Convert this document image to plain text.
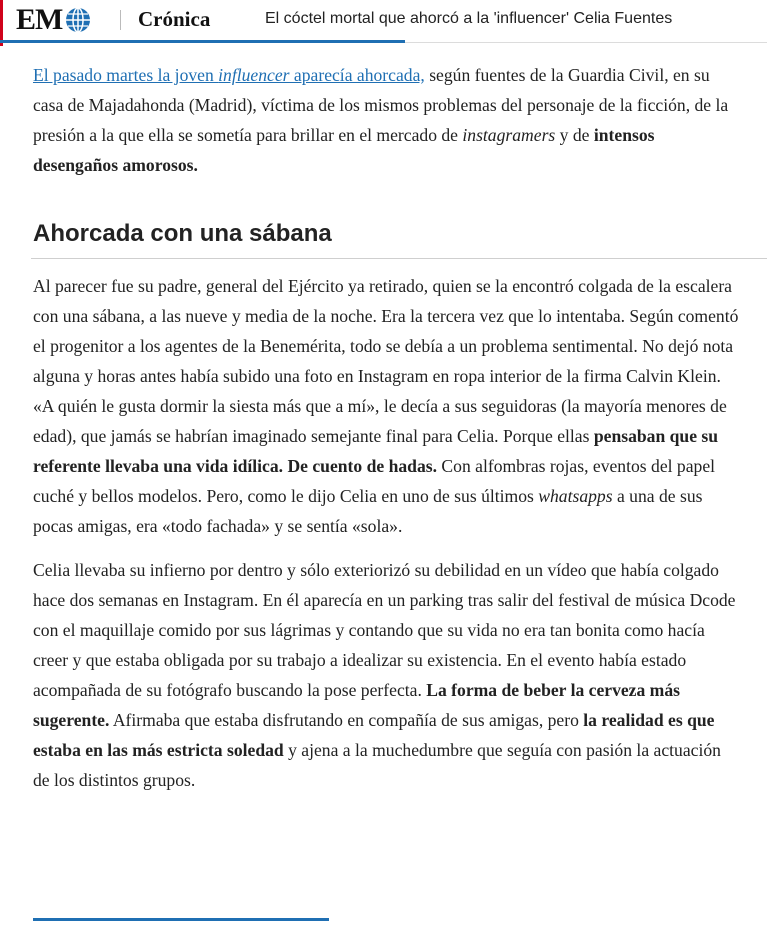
EM	Crónica	El cóctel mortal que ahorcó a la 'influencer' Celia Fuentes

El pasado martes la joven influencer aparecía ahorcada, según fuentes de la Guardia Civil, en su casa de Majadahonda (Madrid), víctima de los mismos problemas del personaje de la ficción, de la presión a la que ella se sometía para brillar en el mercado de instagramers y de intensos desengaños amorosos.

Ahorcada con una sábana

Al parecer fue su padre, general del Ejército ya retirado, quien se la encontró colgada de la escalera con una sábana, a las nueve y media de la noche. Era la tercera vez que lo intentaba. Según comentó el progenitor a los agentes de la Benemérita, todo se debía a un problema sentimental. No dejó nota alguna y horas antes había subido una foto en Instagram en ropa interior de la firma Calvin Klein. «A quién le gusta dormir la siesta más que a mí», le decía a sus seguidoras (la mayoría menores de edad), que jamás se habrían imaginado semejante final para Celia. Porque ellas pensaban que su referente llevaba una vida idílica. De cuento de hadas. Con alfombras rojas, eventos del papel cuché y bellos modelos. Pero, como le dijo Celia en uno de sus últimos whatsapps a una de sus pocas amigas, era «todo fachada» y se sentía «sola».

Celia llevaba su infierno por dentro y sólo exteriorizó su debilidad en un vídeo que había colgado hace dos semanas en Instagram. En él aparecía en un parking tras salir del festival de música Dcode con el maquillaje comido por sus lágrimas y contando que su vida no era tan bonita como hacía creer y que estaba obligada por su trabajo a idealizar su existencia. En el evento había estado acompañada de su fotógrafo buscando la pose perfecta. La forma de beber la cerveza más sugerente. Afirmaba que estaba disfrutando en compañía de sus amigas, pero la realidad es que estaba en las más estricta soledad y ajena a la muchedumbre que seguía con pasión la actuación de los distintos grupos.
